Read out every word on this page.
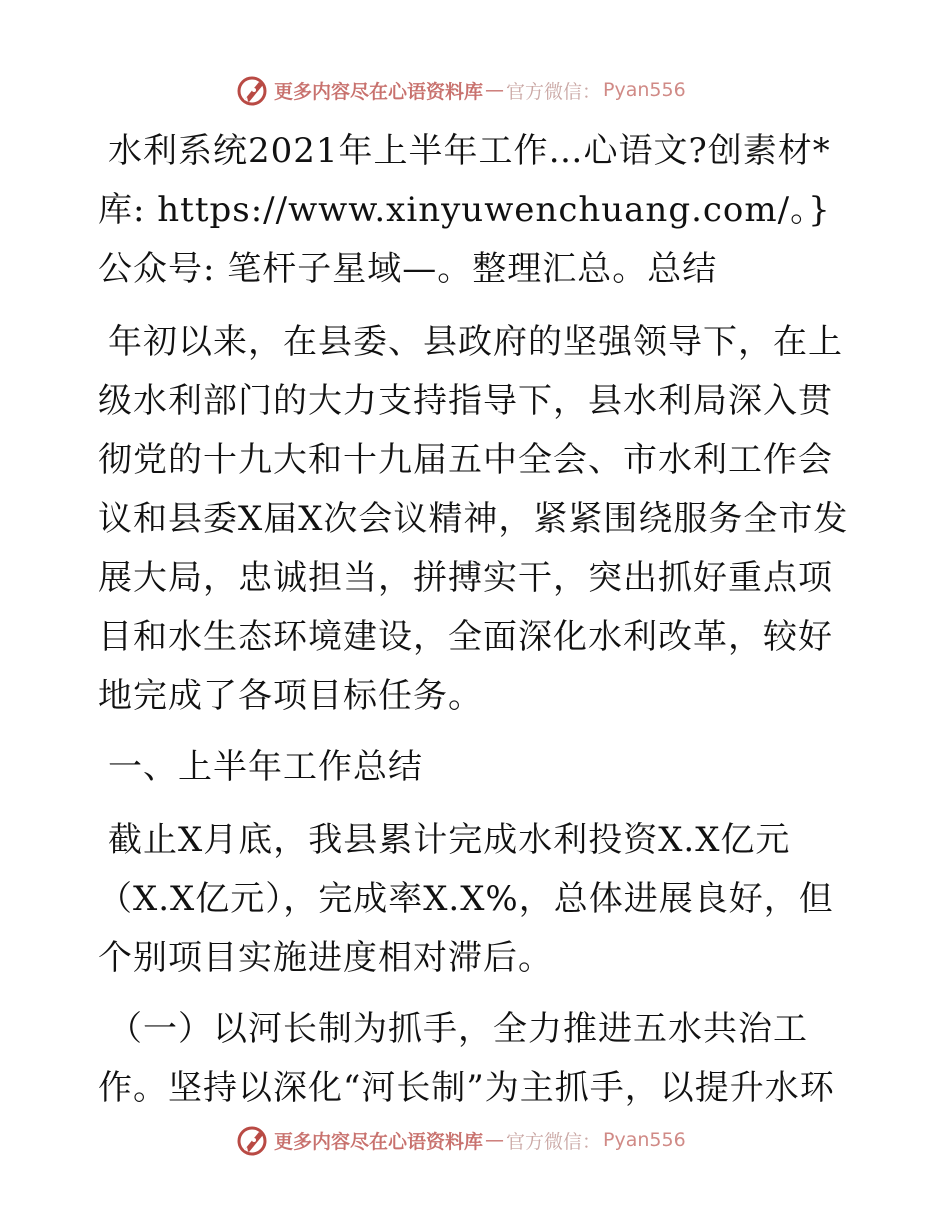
更多内容尽在心语资料库 — 官方微信： Pyan556

水利系统2021年上半年工作…心语文?创素材*库: https://www.xinyuwenchuang.com/。}公众号: 笔杆子星域—。整理汇总。总结

年初以来，在县委、县政府的坚强领导下，在上级水利部门的大力支持指导下，县水利局深入贯彻党的十九大和十九届五中全会、市水利工作会议和县委X届X次会议精神，紧紧围绕服务全市发展大局，忠诚担当，拼搏实干，突出抓好重点项目和水生态环境建设，全面深化水利改革，较好地完成了各项目标任务。

一、上半年工作总结

截止X月底，我县累计完成水利投资X.X亿元（X.X亿元），完成率X.X%，总体进展良好，但个别项目实施进度相对滞后。

（一）以河长制为抓手，全力推进五水共治工作。坚持以深化“河长制”为主抓手，以提升水环

更多内容尽在心语资料库 — 官方微信： Pyan556
